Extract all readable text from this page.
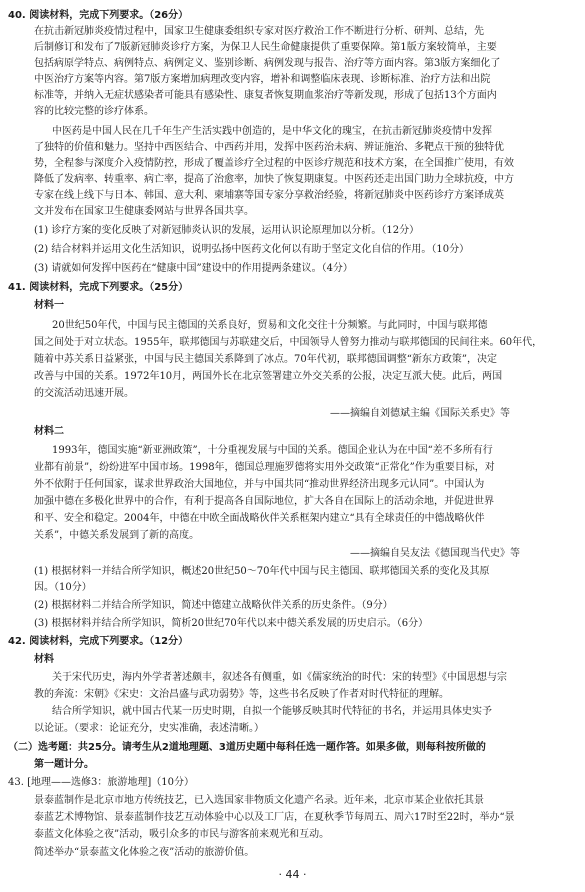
40. 阅读材料，完成下列要求。（26分）
在抗击新冠肺炎疫情过程中，国家卫生健康委组织专家对医疗救治工作不断进行分析、研判、总结，先
后制修订和发布了7版新冠肺炎诊疗方案，为保卫人民生命健康提供了重要保障。第1版方案较简单，主要
包括病原学特点、病例特点、病例定义、鉴别诊断、病例发现与报告、治疗等方面内容。第3版方案细化了
中医治疗方案等内容。第7版方案增加病理改变内容，增补和调整临床表现、诊断标准、治疗方法和出院
标准等，并纳入无症状感染者可能具有感染性、康复者恢复期血浆治疗等新发现，形成了包括13个方面内
容的比较完整的诊疗体系。
中医药是中国人民在几千年生产生活实践中创造的，是中华文化的瑰宝，在抗击新冠肺炎疫情中发挥
了独特的价值和魅力。坚持中西医结合、中西药并用，发挥中医药治未病、辨证施治、多靶点干预的独特优
势，全程参与深度介入疫情防控，形成了覆盖诊疗全过程的中医诊疗规范和技术方案，在全国推广使用，有效
降低了发病率、转重率、病亡率，提高了治愈率，加快了恢复期康复。中医药还走出国门助力全球抗疫，中方
专家在线上线下与日本、韩国、意大利、柬埔寨等国专家分享救治经验，将新冠肺炎中医药诊疗方案译成英
文并发布在国家卫生健康委网站与世界各国共享。
(1) 诊疗方案的变化反映了对新冠肺炎认识的发展，运用认识论原理加以分析。（12分）
(2) 结合材料并运用文化生活知识，说明弘扬中医药文化何以有助于坚定文化自信的作用。（10分）
(3) 请就如何发挥中医药在“健康中国”建设中的作用提两条建议。（4分）
41. 阅读材料，完成下列要求。（25分）
材料一
20世纪50年代，中国与民主德国的关系良好，贸易和文化交往十分频繁。与此同时，中国与联邦德
国之间处于对立状态。1955年，联邦德国与苏联建交后，中国领导人曾努力推动与联邦德国的民间往来。60年代，
随着中苏关系日益紧张，中国与民主德国关系降到了冰点。70年代初，联邦德国调整“新东方政策”，决定
改善与中国的关系。1972年10月，两国外长在北京签署建立外交关系的公报，决定互派大使。此后，两国
的交流活动迅速开展。
——摘编自刘德斌主编《国际关系史》等
材料二
1993年，德国实施“新亚洲政策”，十分重视发展与中国的关系。德国企业认为在中国“差不多所有行
业都有前景”，纷纷进军中国市场。1998年，德国总理施罗德将实用外交政策“正常化”作为重要目标，对
外不依附于任何国家，谋求世界政治大国地位，并与中国共同“推动世界经济出现多元认同”。中国认为
加强中德在多极化世界中的合作，有利于提高各自国际地位，扩大各自在国际上的活动余地，并促进世界
和平、安全和稳定。2004年，中德在中欧全面战略伙伴关系框架内建立“具有全球责任的中德战略伙伴
关系”，中德关系发展到了新的高度。
——摘编自吴友法《德国现当代史》等
(1) 根据材料一并结合所学知识，概述20世纪50～70年代中国与民主德国、联邦德国关系的变化及其原
因。（10分）
(2) 根据材料二并结合所学知识，简述中德建立战略伙伴关系的历史条件。（9分）
(3) 根据材料并结合所学知识，简析20世纪70年代以来中德关系发展的历史启示。（6分）
42. 阅读材料，完成下列要求。（12分）
材料
关于宋代历史，海内外学者著述颇丰，叙述各有侧重，如《儒家统治的时代：宋的转型》《中国思想与宗
教的奔流：宋朝》《宋史：文治昌盛与武功弱势》等，这些书名反映了作者对时代特征的理解。
结合所学知识，就中国古代某一历史时期，自拟一个能够反映其时代特征的书名，并运用具体史实予
以论证。（要求：论证充分，史实准确，表述清晰。）
（二）选考题：共25分。请考生从2道地理题、3道历史题中每科任选一题作答。如果多做，则每科按所做的
第一题计分。
43. [地理——选修3：旅游地理]（10分）
景泰蓝制作是北京市地方传统技艺，已入选国家非物质文化遗产名录。近年来，北京市某企业依托其景
泰蓝艺术博物馆、景泰蓝制作技艺互动体验中心以及工厂店，在夏秋季节每周五、周六17时至22时，举办“景
泰蓝文化体验之夜”活动，吸引众多的市民与游客前来观光和互动。
简述举办“景泰蓝文化体验之夜”活动的旅游价值。
· 44 ·
